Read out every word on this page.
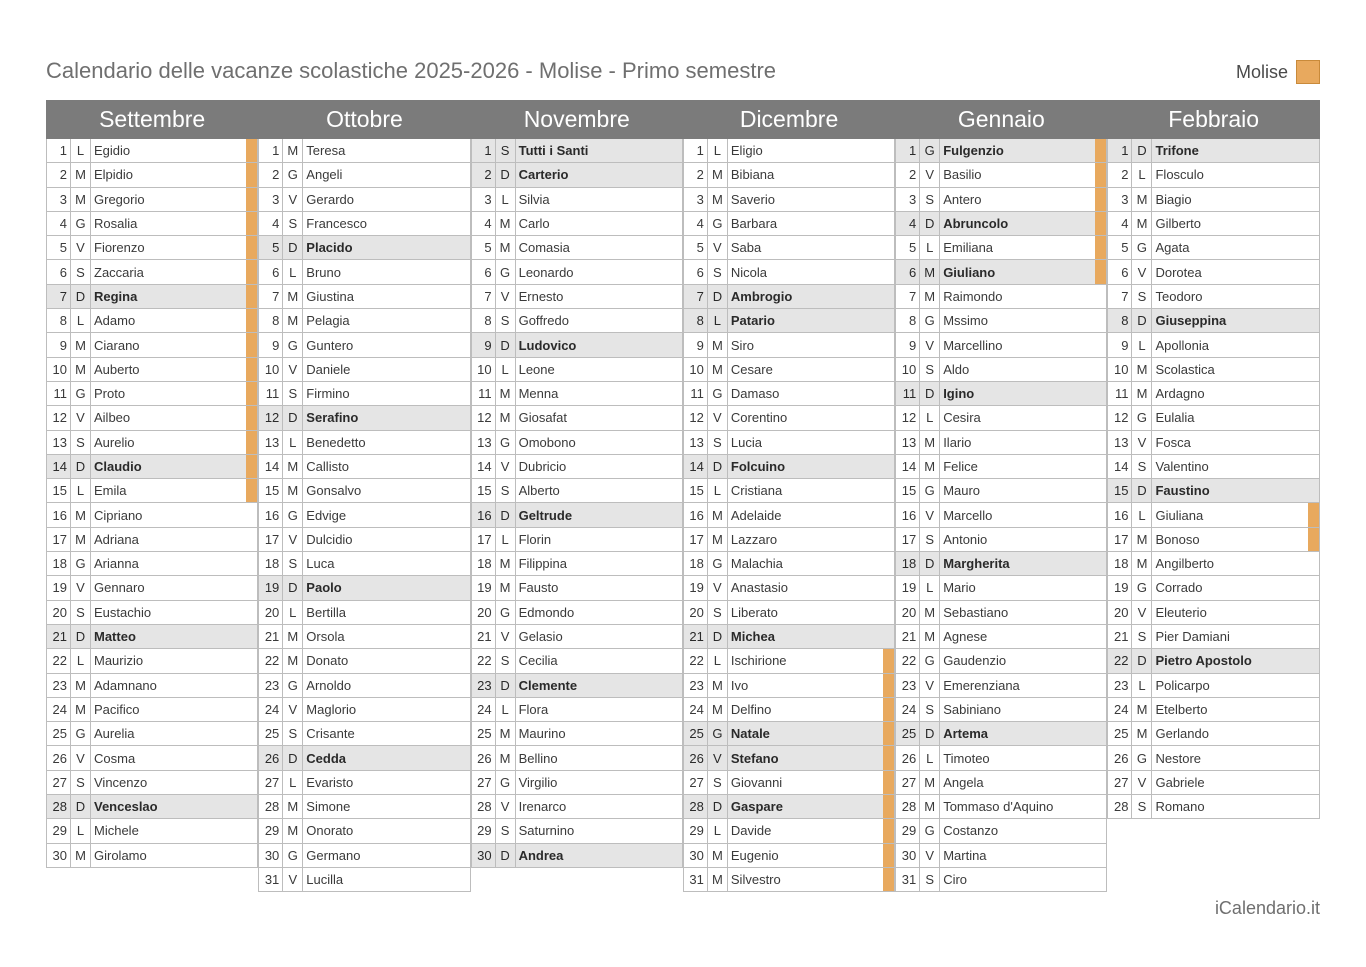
Calendario delle vacanze scolastiche 2025-2026 - Molise - Primo semestre	Molise
Settembre
1 L Egidio
2 M Elpidio
3 M Gregorio
4 G Rosalia
5 V Fiorenzo
6 S Zaccaria
7 D Regina
8 L Adamo
9 M Ciarano
10 M Auberto
11 G Proto
12 V Ailbeo
13 S Aurelio
14 D Claudio
15 L Emila
16 M Cipriano
17 M Adriana
18 G Arianna
19 V Gennaro
20 S Eustachio
21 D Matteo
22 L Maurizio
23 M Adamnano
24 M Pacifico
25 G Aurelia
26 V Cosma
27 S Vincenzo
28 D Venceslao
29 L Michele
30 M Girolamo
Ottobre
1 M Teresa
2 G Angeli
3 V Gerardo
4 S Francesco
5 D Placido
6 L Bruno
7 M Giustina
8 M Pelagia
9 G Guntero
10 V Daniele
11 S Firmino
12 D Serafino
13 L Benedetto
14 M Callisto
15 M Gonsalvo
16 G Edvige
17 V Dulcidio
18 S Luca
19 D Paolo
20 L Bertilla
21 M Orsola
22 M Donato
23 G Arnoldo
24 V Maglorio
25 S Crisante
26 D Cedda
27 L Evaristo
28 M Simone
29 M Onorato
30 G Germano
31 V Lucilla
Novembre
1 S Tutti i Santi
2 D Carterio
3 L Silvia
4 M Carlo
5 M Comasia
6 G Leonardo
7 V Ernesto
8 S Goffredo
9 D Ludovico
10 L Leone
11 M Menna
12 M Giosafat
13 G Omobono
14 V Dubricio
15 S Alberto
16 D Geltrude
17 L Florin
18 M Filippina
19 M Fausto
20 G Edmondo
21 V Gelasio
22 S Cecilia
23 D Clemente
24 L Flora
25 M Maurino
26 M Bellino
27 G Virgilio
28 V Irenarco
29 S Saturnino
30 D Andrea
Dicembre
1 L Eligio
2 M Bibiana
3 M Saverio
4 G Barbara
5 V Saba
6 S Nicola
7 D Ambrogio
8 L Patario
9 M Siro
10 M Cesare
11 G Damaso
12 V Corentino
13 S Lucia
14 D Folcuino
15 L Cristiana
16 M Adelaide
17 M Lazzaro
18 G Malachia
19 V Anastasio
20 S Liberato
21 D Michea
22 L Ischirione
23 M Ivo
24 M Delfino
25 G Natale
26 V Stefano
27 S Giovanni
28 D Gaspare
29 L Davide
30 M Eugenio
31 M Silvestro
Gennaio
1 G Fulgenzio
2 V Basilio
3 S Antero
4 D Abruncolo
5 L Emiliana
6 M Giuliano
7 M Raimondo
8 G Mssimo
9 V Marcellino
10 S Aldo
11 D Igino
12 L Cesira
13 M Ilario
14 M Felice
15 G Mauro
16 V Marcello
17 S Antonio
18 D Margherita
19 L Mario
20 M Sebastiano
21 M Agnese
22 G Gaudenzio
23 V Emerenziana
24 S Sabiniano
25 D Artema
26 L Timoteo
27 M Angela
28 M Tommaso d'Aquino
29 G Costanzo
30 V Martina
31 S Ciro
Febbraio
1 D Trifone
2 L Flosculo
3 M Biagio
4 M Gilberto
5 G Agata
6 V Dorotea
7 S Teodoro
8 D Giuseppina
9 L Apollonia
10 M Scolastica
11 M Ardagno
12 G Eulalia
13 V Fosca
14 S Valentino
15 D Faustino
16 L Giuliana
17 M Bonoso
18 M Angilberto
19 G Corrado
20 V Eleuterio
21 S Pier Damiani
22 D Pietro Apostolo
23 L Policarpo
24 M Etelberto
25 M Gerlando
26 G Nestore
27 V Gabriele
28 S Romano
iCalendario.it
